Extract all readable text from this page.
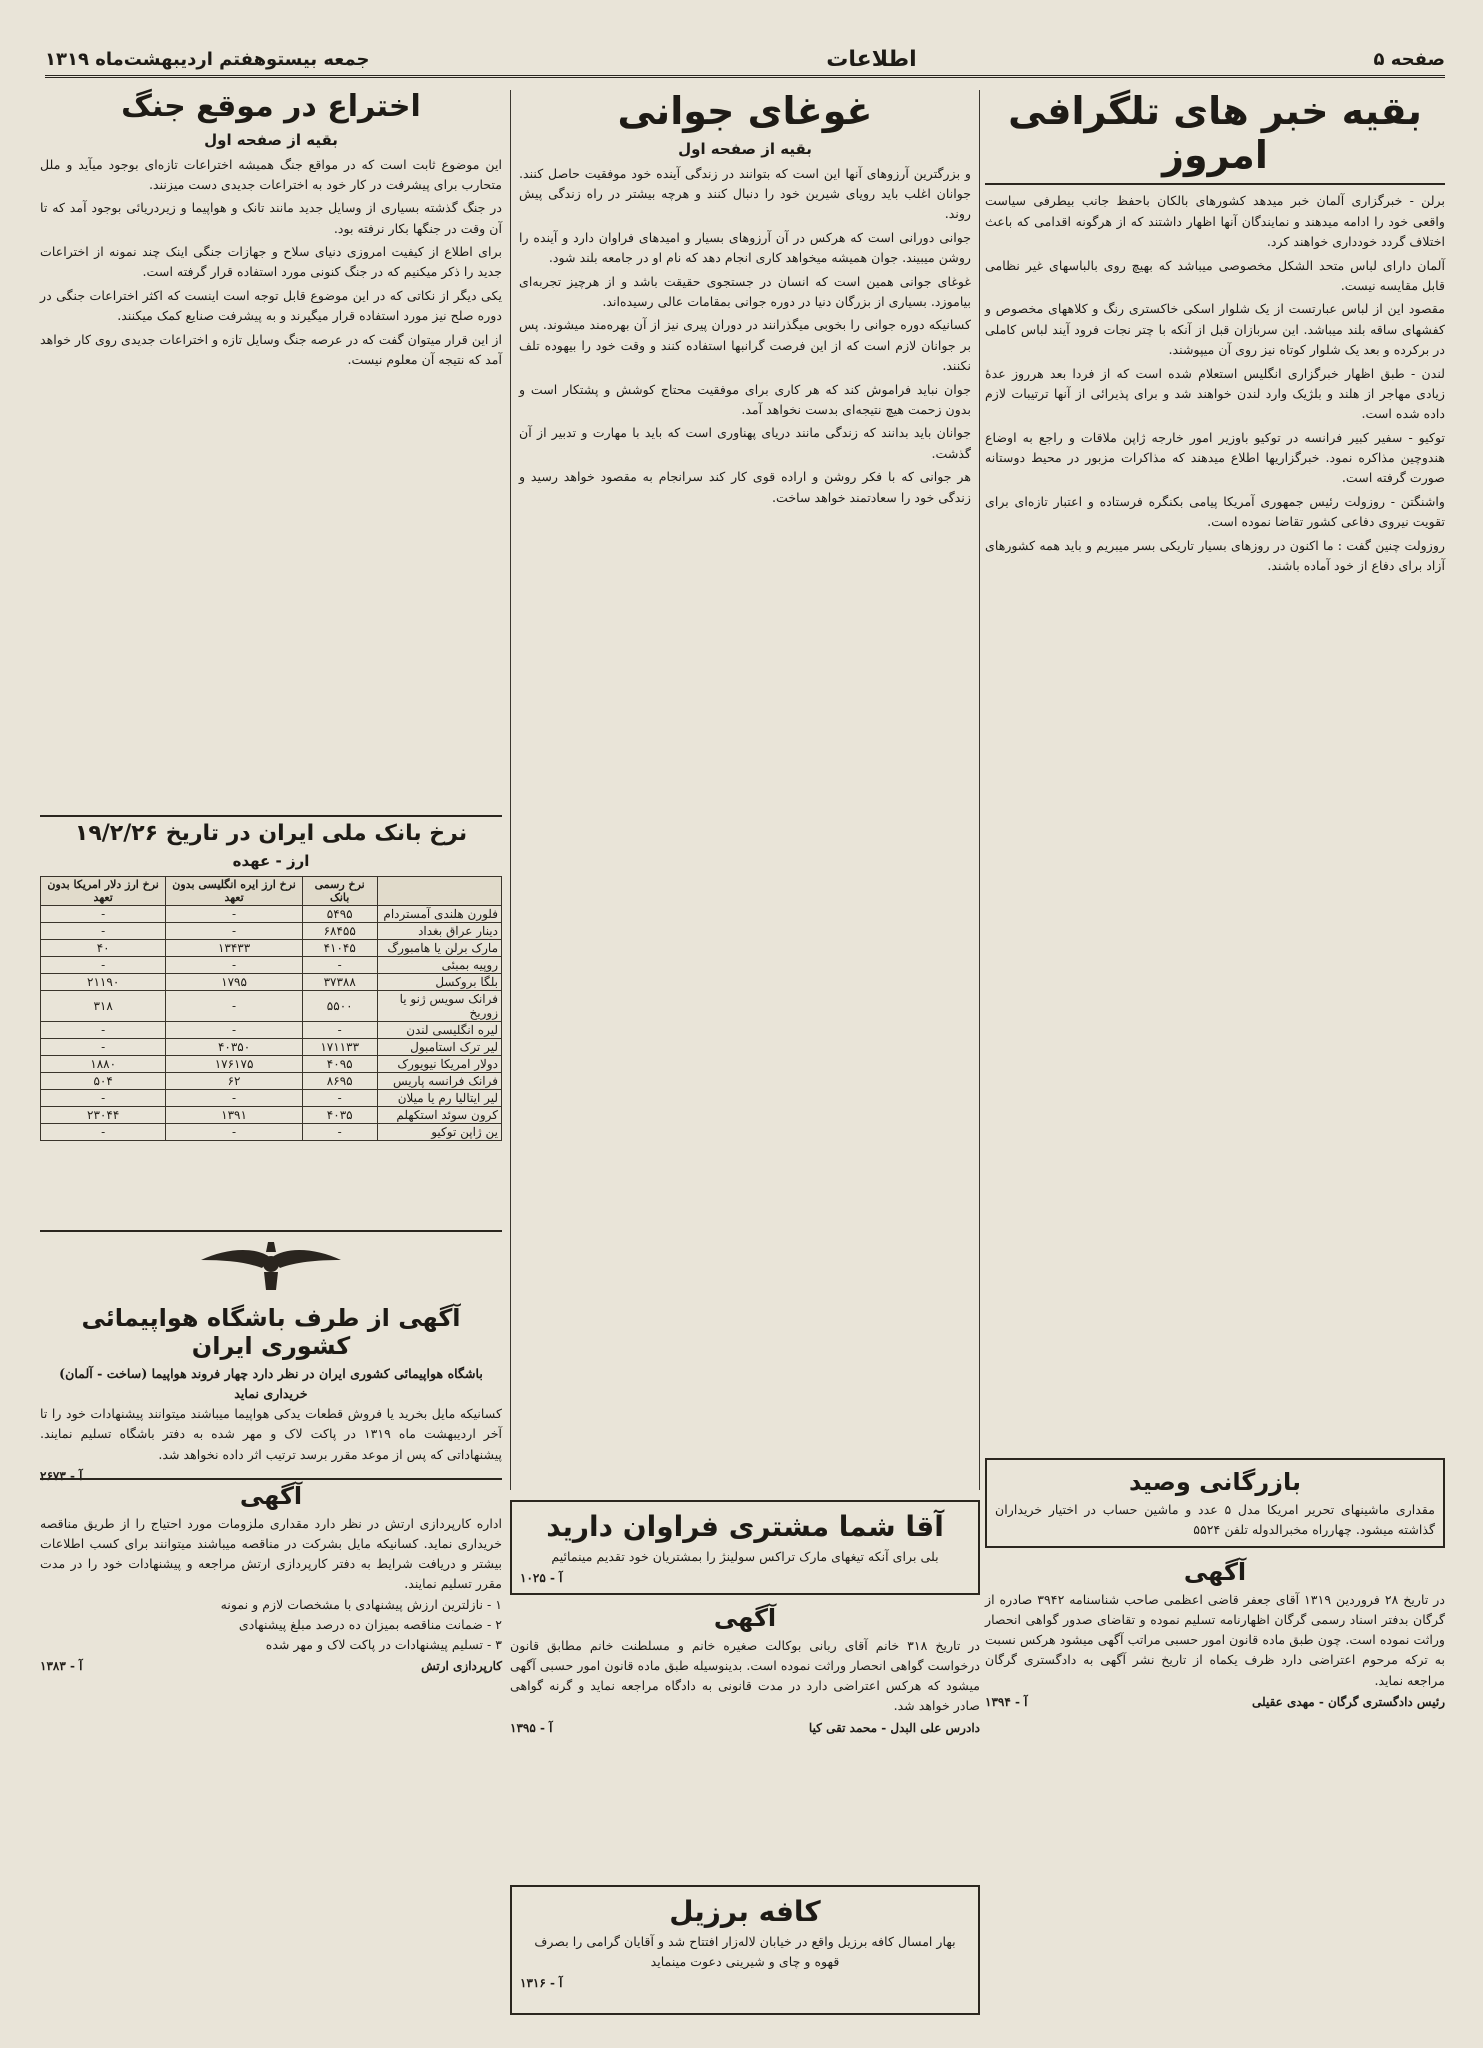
صفحه ۵
اطلاعات
جمعه بیستوهفتم اردیبهشت‌ماه ۱۳۱۹
بقیه خبر های تلگرافی امروز

برلن - خبرگزاری آلمان خبر میدهد کشورهای بالکان باحفظ جانب بیطرفی سیاست واقعی خود را ادامه میدهند و نمایندگان آنها اظهار داشتند که از هرگونه اقدامی که باعث اختلاف گردد خودداری خواهند کرد.

آلمان دارای لباس متحد الشکل مخصوصی میباشد که بهیچ روی بالباسهای غیر نظامی قابل مقایسه نیست.

مقصود این از لباس عبارتست از یک شلوار اسکی خاکستری رنگ و کلاههای مخصوص و کفشهای ساقه بلند میباشد. این سربازان قبل از آنکه با چتر نجات فرود آیند لباس کاملی در برکرده و بعد یک شلوار کوتاه نیز روی آن میپوشند.

لندن - طبق اظهار خبرگزاری انگلیس استعلام شده است که از فردا بعد هرروز عدهٔ زیادی مهاجر از هلند و بلژیک وارد لندن خواهند شد و برای پذیرائی از آنها ترتیبات لازم داده شده است.

توکیو - سفیر کبیر فرانسه در توکیو باوزیر امور خارجه ژاپن ملاقات و راجع به اوضاع هندوچین مذاکره نمود. خبرگزاریها اطلاع میدهند که مذاکرات مزبور در محیط دوستانه صورت گرفته است.

واشنگتن - روزولت رئیس جمهوری آمریکا پیامی بکنگره فرستاده و اعتبار تازه‌ای برای تقویت نیروی دفاعی کشور تقاضا نموده است.

روزولت چنین گفت : ما اکنون در روزهای بسیار تاریکی بسر میبریم و باید همه کشورهای آزاد برای دفاع از خود آماده باشند.

بازرگانی وصید
مقداری ماشینهای تحریر امریکا مدل ۵ عدد و ماشین حساب در اختیار خریداران گذاشته میشود. چهارراه مخبرالدوله تلفن ۵۵۲۴
آگهی
در تاریخ ۲۸ فروردین ۱۳۱۹ آقای جعفر قاضی اعظمی صاحب شناسنامه ۳۹۴۲ صادره از گرگان بدفتر اسناد رسمی گرگان اظهارنامه تسلیم نموده و تقاضای صدور گواهی انحصار وراثت نموده است. چون طبق ماده قانون امور حسبی مراتب آگهی میشود هرکس نسبت به ترکه مرحوم اعتراضی دارد ظرف یکماه از تاریخ نشر آگهی به دادگستری گرگان مراجعه نماید.
رئیس دادگستری گرگان - مهدی عقیلی
آ - ۱۳۹۴
غوغای جوانی
بقیه از صفحه اول

و بزرگترین آرزوهای آنها این است که بتوانند در زندگی آینده خود موفقیت حاصل کنند. جوانان اغلب باید رویای شیرین خود را دنبال کنند و هرچه بیشتر در راه زندگی پیش روند.

جوانی دورانی است که هرکس در آن آرزوهای بسیار و امیدهای فراوان دارد و آینده را روشن میبیند. جوان همیشه میخواهد کاری انجام دهد که نام او در جامعه بلند شود.

غوغای جوانی همین است که انسان در جستجوی حقیقت باشد و از هرچیز تجربه‌ای بیاموزد. بسیاری از بزرگان دنیا در دوره جوانی بمقامات عالی رسیده‌اند.

کسانیکه دوره جوانی را بخوبی میگذرانند در دوران پیری نیز از آن بهره‌مند میشوند. پس بر جوانان لازم است که از این فرصت گرانبها استفاده کنند و وقت خود را بیهوده تلف نکنند.

جوان نباید فراموش کند که هر کاری برای موفقیت محتاج کوشش و پشتکار است و بدون زحمت هیچ نتیجه‌ای بدست نخواهد آمد.

جوانان باید بدانند که زندگی مانند دریای پهناوری است که باید با مهارت و تدبیر از آن گذشت.

هر جوانی که با فکر روشن و اراده قوی کار کند سرانجام به مقصود خواهد رسید و زندگی خود را سعادتمند خواهد ساخت.

آقا شما مشتری فراوان دارید
بلی برای آنکه تیغهای مارک تراکس سولینژ را بمشتریان خود تقدیم مینمائیم
آ - ۱۰۲۵
آگهی
در تاریخ ۳۱۸ خانم آقای ربانی بوکالت صغیره خانم و مسلطنت خانم مطابق قانون درخواست گواهی انحصار وراثت نموده است. بدینوسیله طبق ماده قانون امور حسبی آگهی میشود که هرکس اعتراضی دارد در مدت قانونی به دادگاه مراجعه نماید و گرنه گواهی صادر خواهد شد.
دادرس علی البدل - محمد تقی کیا
آ - ۱۳۹۵
کافه برزیل
بهار امسال کافه برزیل واقع در خیابان لاله‌زار افتتاح شد و آقایان گرامی را بصرف قهوه و چای و شیرینی دعوت مینماید
آ - ۱۳۱۶
اختراع در موقع جنگ
بقیه از صفحه اول

این موضوع ثابت است که در مواقع جنگ همیشه اختراعات تازه‌ای بوجود میآید و ملل متحارب برای پیشرفت در کار خود به اختراعات جدیدی دست میزنند.

در جنگ گذشته بسیاری از وسایل جدید مانند تانک و هواپیما و زیردریائی بوجود آمد که تا آن وقت در جنگها بکار نرفته بود.

برای اطلاع از کیفیت امروزی دنیای سلاح و جهازات جنگی اینک چند نمونه از اختراعات جدید را ذکر میکنیم که در جنگ کنونی مورد استفاده قرار گرفته است.

یکی دیگر از نکاتی که در این موضوع قابل توجه است اینست که اکثر اختراعات جنگی در دوره صلح نیز مورد استفاده قرار میگیرند و به پیشرفت صنایع کمک میکنند.

از این قرار میتوان گفت که در عرصه جنگ وسایل تازه و اختراعات جدیدی روی کار خواهد آمد که نتیجه آن معلوم نیست.

نرخ بانک ملی ایران در تاریخ ۱۹/۲/۲۶
ارز - عهده
	نرخ رسمی بانک	نرخ ارز ایره انگلیسی بدون تعهد	نرخ ارز دلار امریکا بدون تعهد
فلورن هلندی آمستردام	۵۴۹۵	-	-
دینار عراق بغداد	۶۸۴۵۵	-	-
مارک برلن یا هامبورگ	۴۱۰۴۵	۱۳۴۳۳	۴۰
روپیه بمبئی	-	-	-
بلگا بروکسل	۳۷۳۸۸	۱۷۹۵	۲۱۱۹۰
فرانک سویس ژنو یا زوریخ	۵۵۰۰	-	۳۱۸
لیره انگلیسی لندن	-	-	-
لیر ترک استامبول	۱۷۱۱۳۳	۴۰۳۵۰	-
دولار امریکا نیویورک	۴۰۹۵	۱۷۶۱۷۵	۱۸۸۰
فرانک فرانسه پاریس	۸۶۹۵	۶۲	۵۰۴
لیر ایتالیا رم یا میلان	-	-	-
کرون سوئد استکهلم	۴۰۳۵	۱۳۹۱	۲۳۰۴۴
ین ژاپن توکیو	-	-	-
آگهی از طرف باشگاه هواپیمائی کشوری ایران
باشگاه هواپیمائی کشوری ایران در نظر دارد چهار فروند هواپیما (ساخت - آلمان) خریداری نماید
کسانیکه مایل بخرید یا فروش قطعات یدکی هواپیما میباشند میتوانند پیشنهادات خود را تا آخر اردیبهشت ماه ۱۳۱۹ در پاکت لاک و مهر شده به دفتر باشگاه تسلیم نمایند. پیشنهاداتی که پس از موعد مقرر برسد ترتیب اثر داده نخواهد شد.
آ - ۲۶۷۳
آگهی
اداره کارپردازی ارتش در نظر دارد مقداری ملزومات مورد احتیاج را از طریق مناقصه خریداری نماید. کسانیکه مایل بشرکت در مناقصه میباشند میتوانند برای کسب اطلاعات بیشتر و دریافت شرایط به دفتر کارپردازی ارتش مراجعه و پیشنهادات خود را در مدت مقرر تسلیم نمایند.
۱ - نازلترین ارزش پیشنهادی با مشخصات لازم و نمونه
۲ - ضمانت مناقصه بمیزان ده درصد مبلغ پیشنهادی
۳ - تسلیم پیشنهادات در پاکت لاک و مهر شده
کارپردازی ارتش
آ - ۱۳۸۳
